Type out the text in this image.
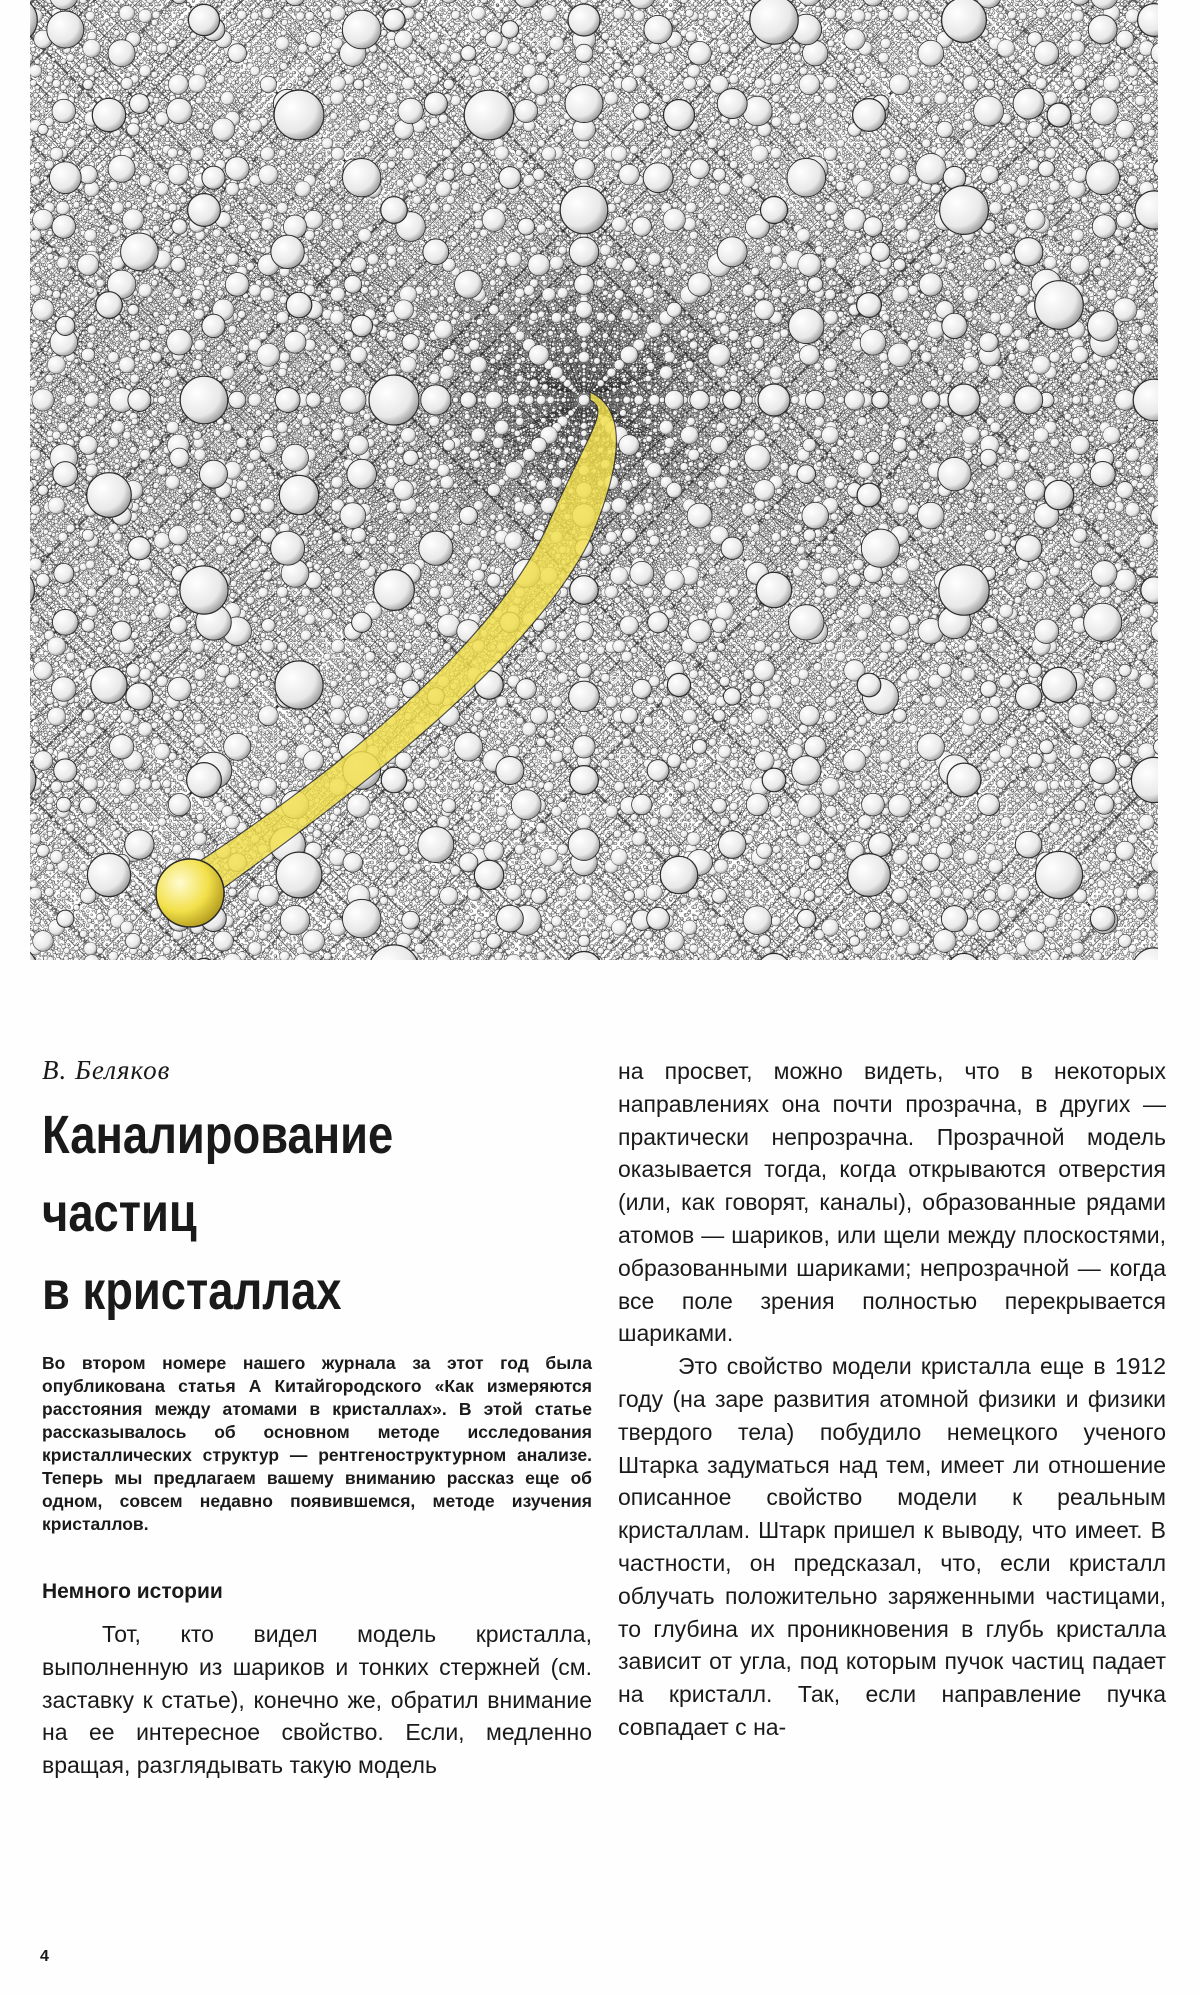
В. Беляков

Каналирование
частиц
в кристаллах

Во втором номере нашего журнала за этот год была опубликована статья А Китайгородского «Как измеряются расстояния между атомами в кристаллах». В этой статье рассказывалось об основном методе исследования кристаллических структур — рентгеноструктурном анализе. Теперь мы предлагаем вашему вниманию рассказ еще об одном, совсем недавно появившемся, методе изучения кристаллов.

Немного истории

Тот, кто видел модель кристалла, выполненную из шариков и тонких стержней (см. заставку к статье), конечно же, обратил внимание на ее интересное свойство. Если, медленно вращая, разглядывать такую модель

на просвет, можно видеть, что в некоторых направлениях она почти прозрачна, в других — практически непрозрачна. Прозрачной модель оказывается тогда, когда открываются отверстия (или, как говорят, каналы), образованные рядами атомов — шариков, или щели между плоскостями, образованными шариками; непрозрачной — когда все поле зрения полностью перекрывается шариками.

Это свойство модели кристалла еще в 1912 году (на заре развития атомной физики и физики твердого тела) побудило немецкого ученого Штарка задуматься над тем, имеет ли отношение описанное свойство модели к реальным кристаллам. Штарк пришел к выводу, что имеет. В частности, он предсказал, что, если кристалл облучать положительно заряженными частицами, то глубина их проникновения в глубь кристалла зависит от угла, под которым пучок частиц падает на кристалл. Так, если направление пучка совпадает с на-

4
